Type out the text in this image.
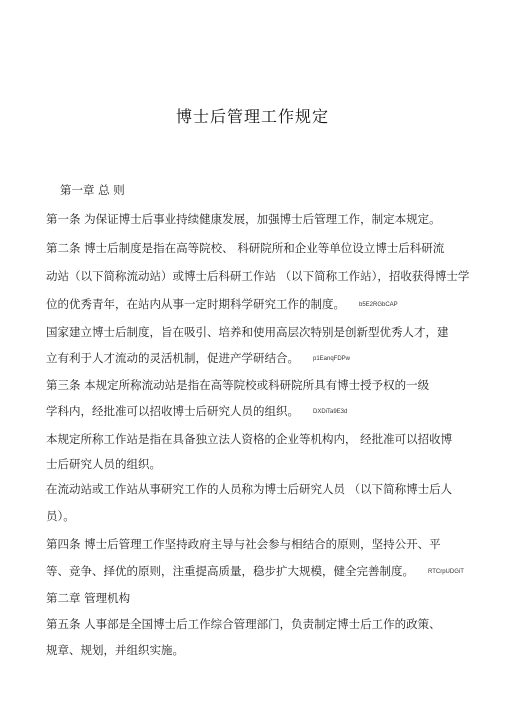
博士后管理工作规定
第一章 总 则
第一条 为保证博士后事业持续健康发展，加强博士后管理工作，制定本规定。
第二条 博士后制度是指在高等院校、 科研院所和企业等单位设立博士后科研流
动站（以下简称流动站）或博士后科研工作站 （以下简称工作站），招收获得博士学
位的优秀青年，在站内从事一定时期科学研究工作的制度。 b5E2RGbCAP
国家建立博士后制度，旨在吸引、培养和使用高层次特别是创新型优秀人才，建
立有利于人才流动的灵活机制，促进产学研结合。 p1EanqFDPw
第三条 本规定所称流动站是指在高等院校或科研院所具有博士授予权的一级
学科内，经批准可以招收博士后研究人员的组织。 DXDiTa9E3d
本规定所称工作站是指在具备独立法人资格的企业等机构内， 经批准可以招收博
士后研究人员的组织。
在流动站或工作站从事研究工作的人员称为博士后研究人员 （以下简称博士后人
员）。
第四条 博士后管理工作坚持政府主导与社会参与相结合的原则，坚持公开、平
等、竞争、择优的原则，注重提高质量，稳步扩大规模，健全完善制度。 RTCrpUDGiT
第二章 管理机构
第五条 人事部是全国博士后工作综合管理部门，负责制定博士后工作的政策、
规章、规划，并组织实施。
